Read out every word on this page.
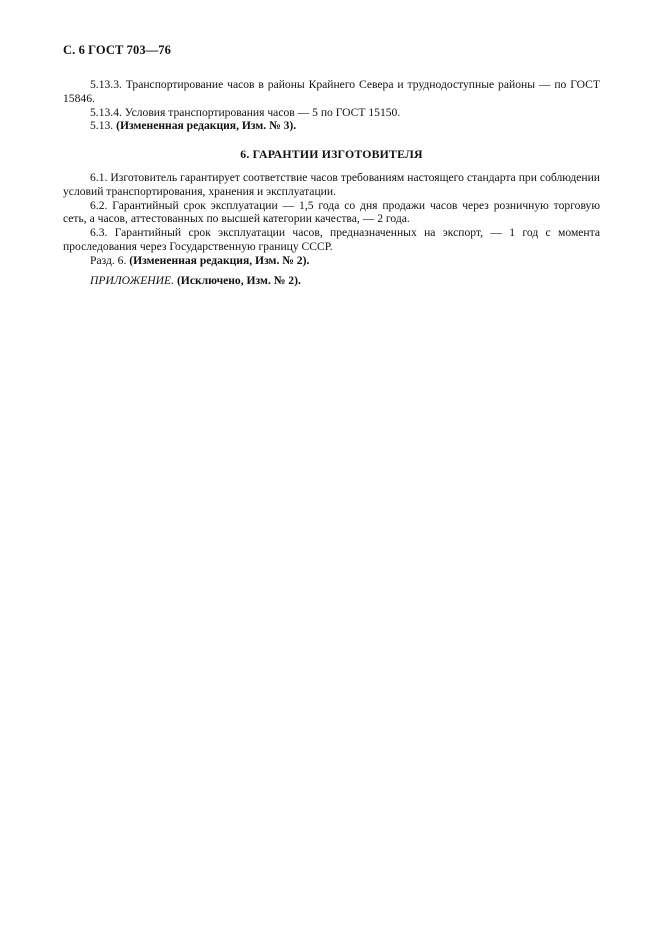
С. 6 ГОСТ 703—76

5.13.3. Транспортирование часов в районы Крайнего Севера и труднодоступные районы — по ГОСТ 15846.

5.13.4. Условия транспортирования часов — 5 по ГОСТ 15150.

5.13. (Измененная редакция, Изм. № 3).

6. ГАРАНТИИ ИЗГОТОВИТЕЛЯ

6.1. Изготовитель гарантирует соответствие часов требованиям настоящего стандарта при соблюдении условий транспортирования, хранения и эксплуатации.

6.2. Гарантийный срок эксплуатации — 1,5 года со дня продажи часов через розничную торговую сеть, а часов, аттестованных по высшей категории качества, — 2 года.

6.3. Гарантийный срок эксплуатации часов, предназначенных на экспорт, — 1 год с момента проследования через Государственную границу СССР.

Разд. 6. (Измененная редакция, Изм. № 2).

ПРИЛОЖЕНИЕ. (Исключено, Изм. № 2).
